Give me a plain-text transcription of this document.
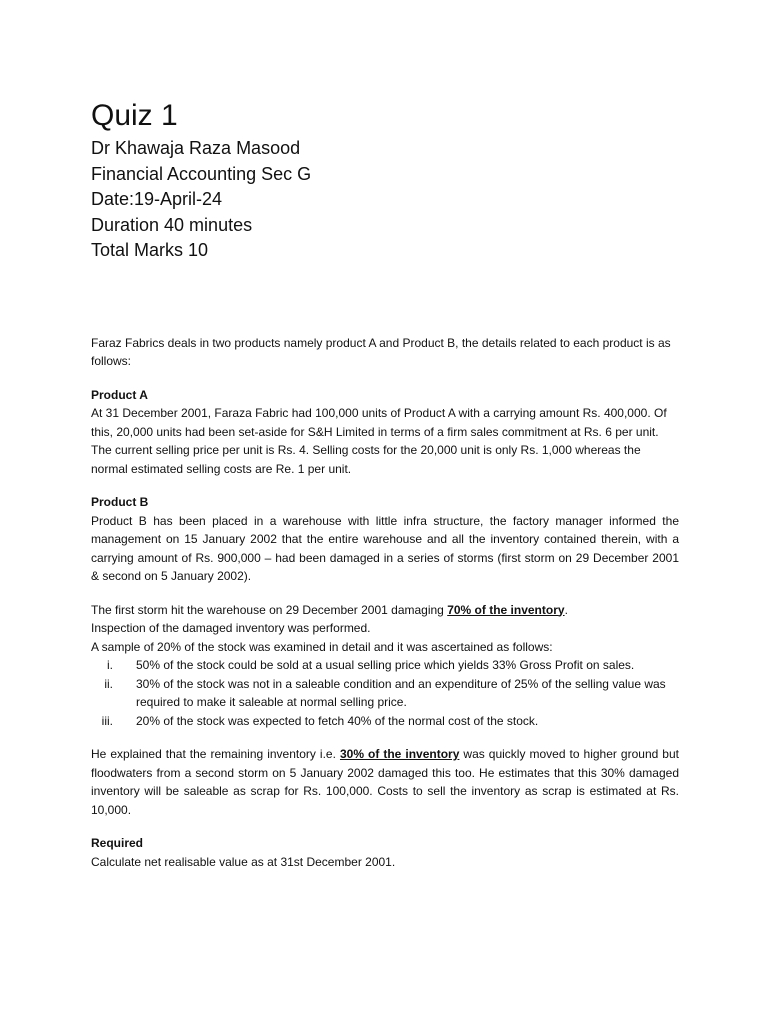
Quiz 1
Dr Khawaja Raza Masood
Financial Accounting Sec G
Date:19-April-24
Duration 40 minutes
Total Marks 10

Faraz Fabrics deals in two products namely product A and Product B, the details related to each product is as follows:

Product A

At 31 December 2001, Faraza Fabric had 100,000 units of Product A with a carrying amount Rs. 400,000. Of this, 20,000 units had been set-aside for S&H Limited in terms of a firm sales commitment at Rs. 6 per unit. The current selling price per unit is Rs. 4. Selling costs for the 20,000 unit is only Rs. 1,000 whereas the normal estimated selling costs are Re. 1 per unit.

Product B

Product B has been placed in a warehouse with little infra structure, the factory manager informed the management on 15 January 2002 that the entire warehouse and all the inventory contained therein, with a carrying amount of Rs. 900,000 – had been damaged in a series of storms (first storm on 29 December 2001 & second on 5 January 2002).

The first storm hit the warehouse on 29 December 2001 damaging 70% of the inventory.

Inspection of the damaged inventory was performed.

A sample of 20% of the stock was examined in detail and it was ascertained as follows:

i. 50% of the stock could be sold at a usual selling price which yields 33% Gross Profit on sales.
ii. 30% of the stock was not in a saleable condition and an expenditure of 25% of the selling value was required to make it saleable at normal selling price.
iii. 20% of the stock was expected to fetch 40% of the normal cost of the stock.

He explained that the remaining inventory i.e. 30% of the inventory was quickly moved to higher ground but floodwaters from a second storm on 5 January 2002 damaged this too. He estimates that this 30% damaged inventory will be saleable as scrap for Rs. 100,000. Costs to sell the inventory as scrap is estimated at Rs. 10,000.

Required

Calculate net realisable value as at 31st December 2001.
